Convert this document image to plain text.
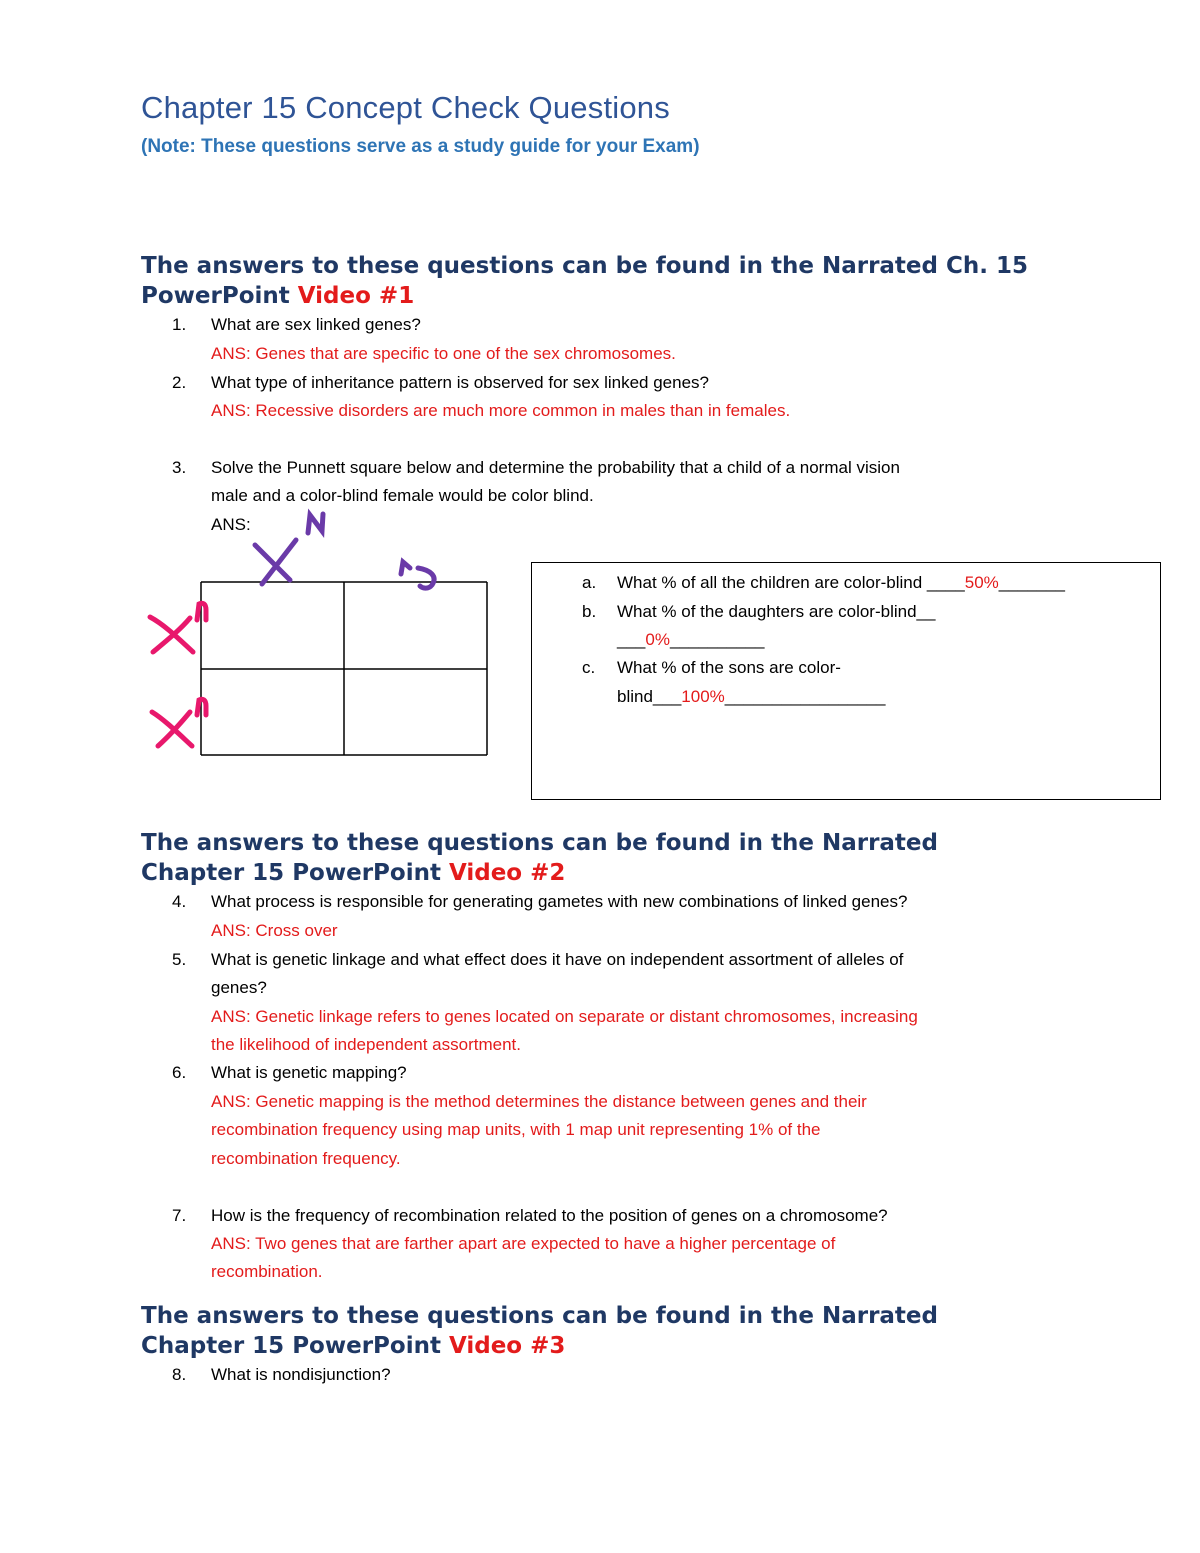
Chapter 15 Concept Check Questions
(Note: These questions serve as a study guide for your Exam)
The answers to these questions can be found in the Narrated Ch. 15
PowerPoint Video #1
1. What are sex linked genes?
ANS: Genes that are specific to one of the sex chromosomes.
2. What type of inheritance pattern is observed for sex linked genes?
ANS: Recessive disorders are much more common in males than in females.
3. Solve the Punnett square below and determine the probability that a child of a normal vision
male and a color-blind female would be color blind.
ANS:
a. What % of all the children are color-blind ____50%_______
b. What % of the daughters are color-blind__
___0%__________
c. What % of the sons are color-
blind___100%_________________
The answers to these questions can be found in the Narrated
Chapter 15 PowerPoint Video #2
4. What process is responsible for generating gametes with new combinations of linked genes?
ANS: Cross over
5. What is genetic linkage and what effect does it have on independent assortment of alleles of
genes?
ANS: Genetic linkage refers to genes located on separate or distant chromosomes, increasing
the likelihood of independent assortment.
6. What is genetic mapping?
ANS: Genetic mapping is the method determines the distance between genes and their
recombination frequency using map units, with 1 map unit representing 1% of the
recombination frequency.
7. How is the frequency of recombination related to the position of genes on a chromosome?
ANS: Two genes that are farther apart are expected to have a higher percentage of
recombination.
The answers to these questions can be found in the Narrated
Chapter 15 PowerPoint Video #3
8. What is nondisjunction?
